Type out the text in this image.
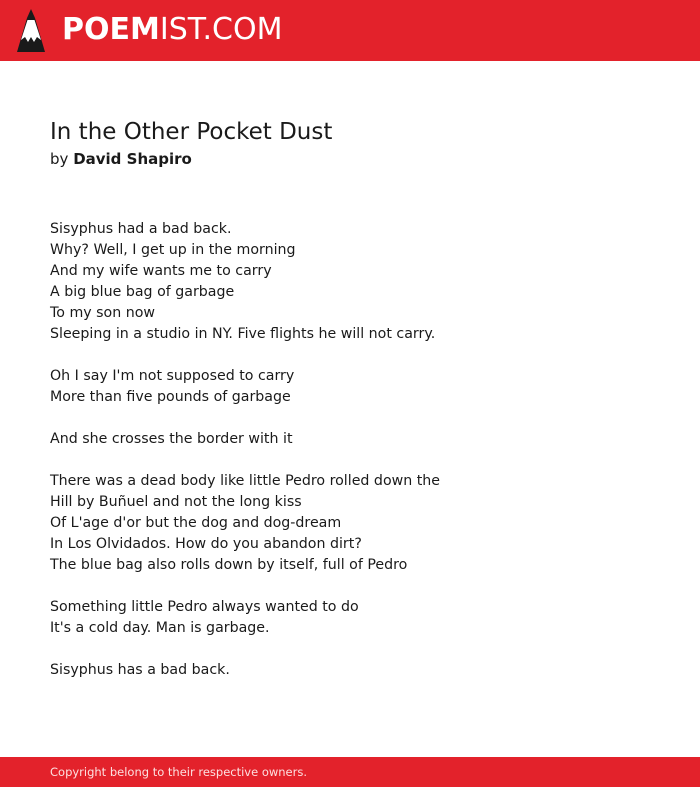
POEMIST.COM
In the Other Pocket Dust
by David Shapiro
Sisyphus had a bad back.
Why? Well, I get up in the morning
And my wife wants me to carry
A big blue bag of garbage
To my son now
Sleeping in a studio in NY. Five flights he will not carry.
Oh I say I'm not supposed to carry
More than five pounds of garbage
And she crosses the border with it
There was a dead body like little Pedro rolled down the
Hill by Buñuel and not the long kiss
Of L'age d'or but the dog and dog-dream
In Los Olvidados. How do you abandon dirt?
The blue bag also rolls down by itself, full of Pedro
Something little Pedro always wanted to do
It's a cold day. Man is garbage.
Sisyphus has a bad back.
Copyright belong to their respective owners.
